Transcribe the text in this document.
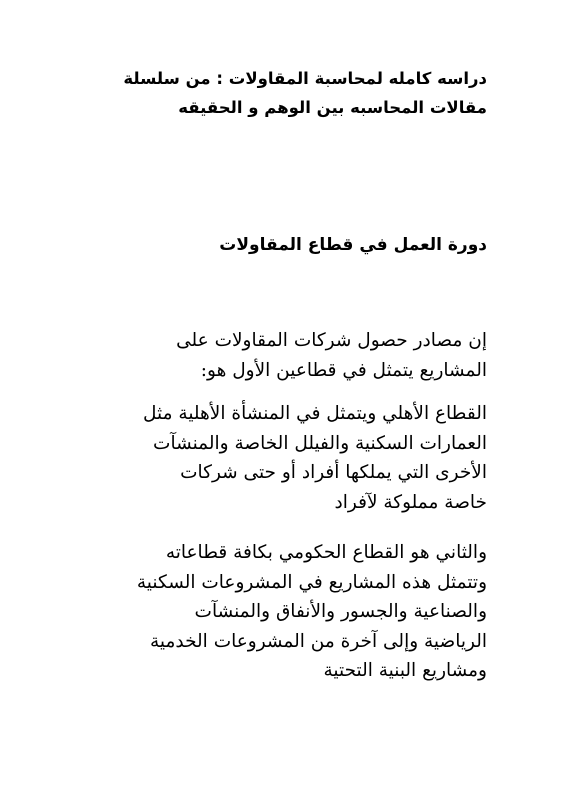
دراسه كامله لمحاسبة المقاولات : من سلسلة
مقالات المحاسبه بين الوهم و الحقيقه
دورة العمل في قطاع المقاولات
إن مصادر حصول شركات المقاولات على
المشاريع يتمثل في قطاعين الأول هو:
القطاع الأهلي ويتمثل في المنشأة الأهلية مثل
العمارات السكنية والفيلل الخاصة والمنشآت
الأخرى التي يملكها أفراد أو حتى شركات
خاصة مملوكة لآفراد
والثاني هو القطاع الحكومي بكافة قطاعاته
وتتمثل هذه المشاريع في المشروعات السكنية
والصناعية والجسور والأنفاق والمنشآت
الرياضية وإلى آخرة من المشروعات الخدمية
ومشاريع البنية التحتية
